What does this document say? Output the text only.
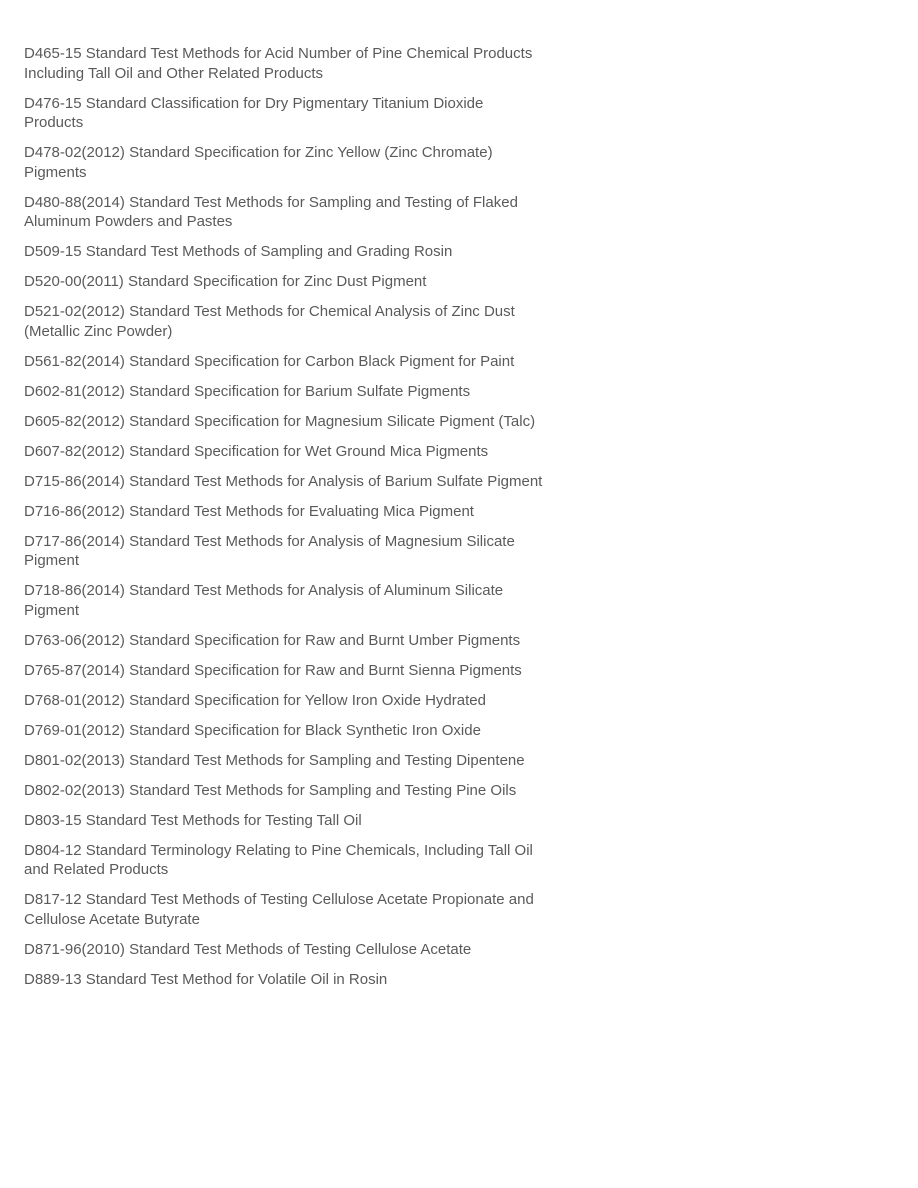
D465-15 Standard Test Methods for Acid Number of Pine Chemical Products Including Tall Oil and Other Related Products
D476-15 Standard Classification for Dry Pigmentary Titanium Dioxide Products
D478-02(2012) Standard Specification for Zinc Yellow (Zinc Chromate) Pigments
D480-88(2014) Standard Test Methods for Sampling and Testing of Flaked Aluminum Powders and Pastes
D509-15 Standard Test Methods of Sampling and Grading Rosin
D520-00(2011) Standard Specification for Zinc Dust Pigment
D521-02(2012) Standard Test Methods for Chemical Analysis of Zinc Dust (Metallic Zinc Powder)
D561-82(2014) Standard Specification for Carbon Black Pigment for Paint
D602-81(2012) Standard Specification for Barium Sulfate Pigments
D605-82(2012) Standard Specification for Magnesium Silicate Pigment (Talc)
D607-82(2012) Standard Specification for Wet Ground Mica Pigments
D715-86(2014) Standard Test Methods for Analysis of Barium Sulfate Pigment
D716-86(2012) Standard Test Methods for Evaluating Mica Pigment
D717-86(2014) Standard Test Methods for Analysis of Magnesium Silicate Pigment
D718-86(2014) Standard Test Methods for Analysis of Aluminum Silicate Pigment
D763-06(2012) Standard Specification for Raw and Burnt Umber Pigments
D765-87(2014) Standard Specification for Raw and Burnt Sienna Pigments
D768-01(2012) Standard Specification for Yellow Iron Oxide Hydrated
D769-01(2012) Standard Specification for Black Synthetic Iron Oxide
D801-02(2013) Standard Test Methods for Sampling and Testing Dipentene
D802-02(2013) Standard Test Methods for Sampling and Testing Pine Oils
D803-15 Standard Test Methods for Testing Tall Oil
D804-12 Standard Terminology Relating to Pine Chemicals, Including Tall Oil and Related Products
D817-12 Standard Test Methods of Testing Cellulose Acetate Propionate and Cellulose Acetate Butyrate
D871-96(2010) Standard Test Methods of Testing Cellulose Acetate
D889-13 Standard Test Method for Volatile Oil in Rosin
